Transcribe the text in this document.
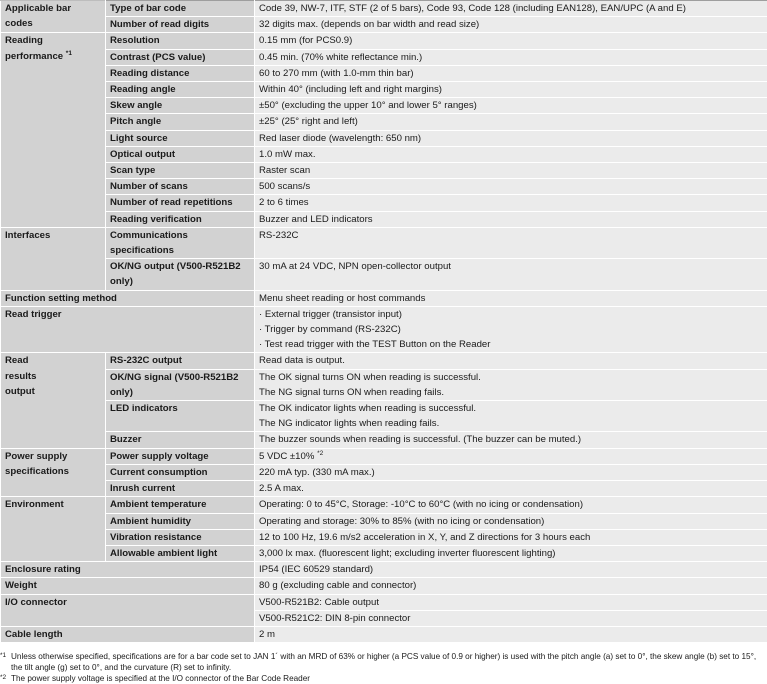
Applicable bar codes	Type of bar code	Code 39, NW-7, ITF, STF (2 of 5 bars), Code 93, Code 128 (including EAN128), EAN/UPC (A and E)
	Number of read digits	32 digits max. (depends on bar width and read size)
Reading performance $^{*1}$	Resolution	0.15 mm (for PCS0.9)
	Contrast (PCS value)	0.45 min. (70% white reflectance min.)
	Reading distance	60 to 270 mm (with 1.0-mm thin bar)
	Reading angle	Within 40° (including left and right margins)
	Skew angle	±50° (excluding the upper 10° and lower 5° ranges)
	Pitch angle	±25° (25° right and left)
	Light source	Red laser diode (wavelength: 650 nm)
	Optical output	1.0 mW max.
	Scan type	Raster scan
	Number of scans	500 scans/s
	Number of read repetitions	2 to 6 times
	Reading verification	Buzzer and LED indicators
Interfaces	Communications specifications	RS-232C
	OK/NG output (V500-R521B2 only)	30 mA at 24 VDC, NPN open-collector output
Function setting method		Menu sheet reading or host commands
Read trigger		· External trigger (transistor input)
· Trigger by command (RS-232C)
· Test read trigger with the TEST Button on the Reader

Read
results
output	RS-232C output	Read data is output.
	OK/NG signal (V500-R521B2 only)	The OK signal turns ON when reading is successful.
The NG signal turns ON when reading fails.

	LED indicators	The OK indicator lights when reading is successful.
The NG indicator lights when reading fails.

	Buzzer	The buzzer sounds when reading is successful. (The buzzer can be muted.)

Power supply
specifications	Power supply voltage	5 VDC ±10% $^{*2}$
	Current consumption	220 mA typ. (330 mA max.)
	Inrush current	2.5 A max.
Environment	Ambient temperature	Operating: 0 to 45°C, Storage: -10°C to 60°C (with no icing or condensation)
	Ambient humidity	Operating and storage: 30% to 85% (with no icing or condensation)
	Vibration resistance	12 to 100 Hz, 19.6 m/s2 acceleration in X, Y, and Z directions for 3 hours each
	Allowable ambient light	3,000 lx max. (fluorescent light; excluding inverter fluorescent lighting)
Enclosure rating		IP54 (IEC 60529 standard)
Weight		80 g (excluding cable and connector)
I/O connector		V500-R521B2: Cable output
		V500-R521C2: DIN 8-pin connector
Cable length		2 m
*1 Unless otherwise specified, specifications are for a bar code set to JAN 1´ with an MRD of 63% or higher (a PCS value of 0.9 or higher) is used with the pitch angle (a) set to 0°, the skew angle (b) set to 15°, the tilt angle (g) set to 0°, and the curvature (R) set to infinity.
*2 The power supply voltage is specified at the I/O connector of the Bar Code Reader
